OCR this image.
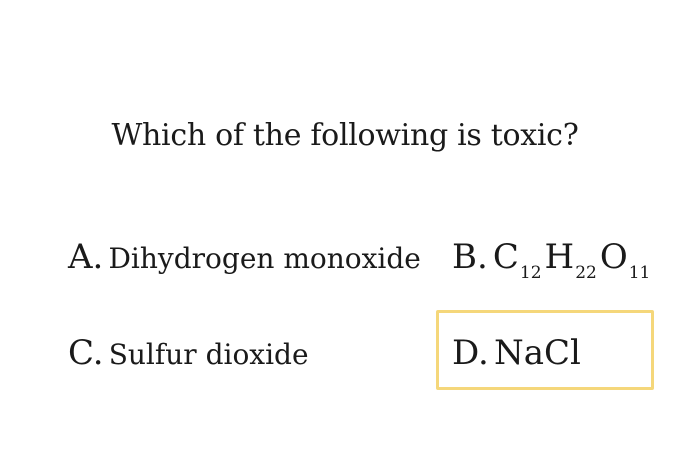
Which of the following is toxic?
A. Dihydrogen monoxide B. C12H22O11
C. Sulfur dioxide	D. NaCl
